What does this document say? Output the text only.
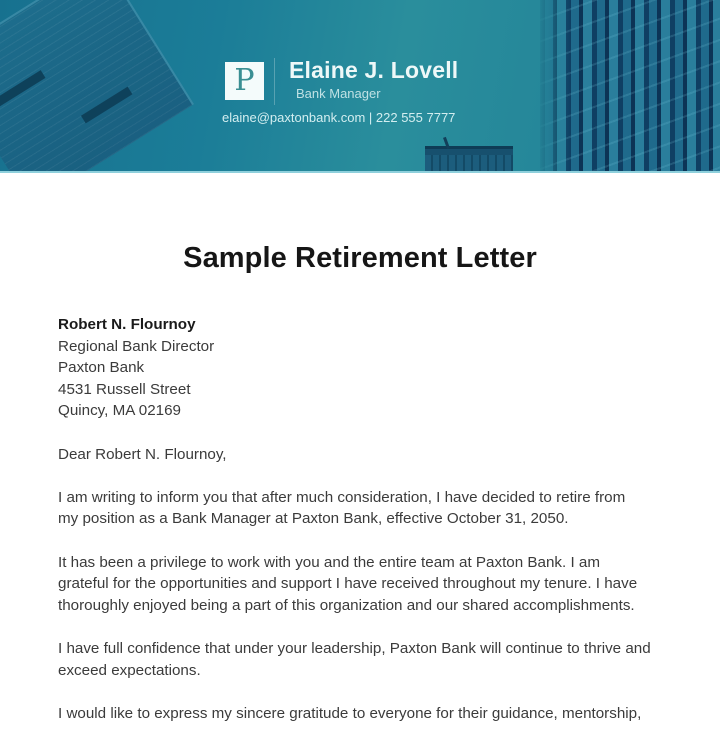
P Elaine J. Lovell
Bank Manager
elaine@paxtonbank.com | 222 555 7777
Sample Retirement Letter
Robert N. Flournoy
Regional Bank Director
Paxton Bank
4531 Russell Street
Quincy, MA 02169

Dear Robert N. Flournoy,

I am writing to inform you that after much consideration, I have decided to retire from
my position as a Bank Manager at Paxton Bank, effective October 31, 2050.

It has been a privilege to work with you and the entire team at Paxton Bank. I am
grateful for the opportunities and support I have received throughout my tenure. I have
thoroughly enjoyed being a part of this organization and our shared accomplishments.

I have full confidence that under your leadership, Paxton Bank will continue to thrive and
exceed expectations.

I would like to express my sincere gratitude to everyone for their guidance, mentorship,
